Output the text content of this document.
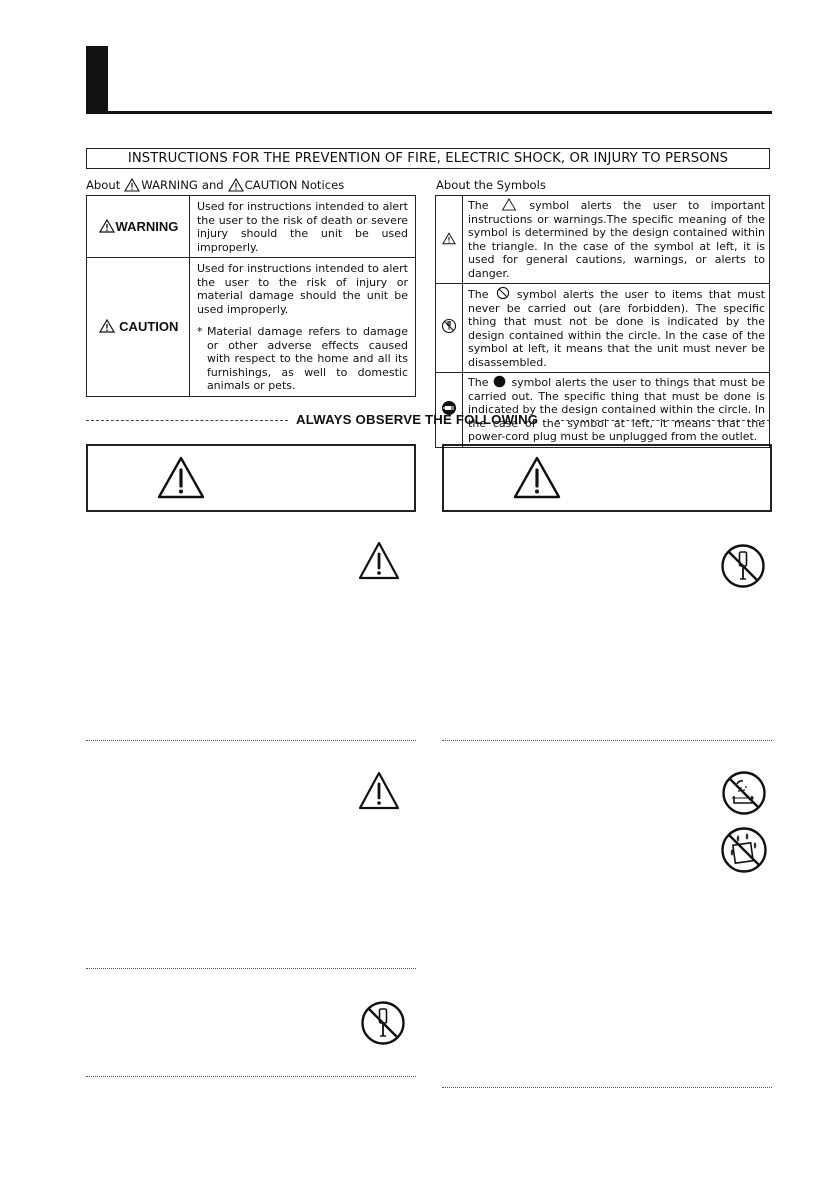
INSTRUCTIONS FOR THE PREVENTION OF FIRE, ELECTRIC SHOCK, OR INJURY TO PERSONS
About WARNING and CAUTION Notices	About the Symbols
WARNING	Used for instructions intended to alert the user to the risk of death or severe injury should the unit be used improperly.
CAUTION	Used for instructions intended to alert the user to the risk of injury or material damage should the unit be used improperly.
* Material damage refers to damage or other adverse effects caused with respect to the home and all its furnishings, as well to domestic animals or pets.
	The symbol alerts the user to important instructions or warnings.The specific meaning of the symbol is determined by the design contained within the triangle. In the case of the symbol at left, it is used for general cautions, warnings, or alerts to danger.
	The symbol alerts the user to items that must never be carried out (are forbidden). The specific thing that must not be done is indicated by the design contained within the circle. In the case of the symbol at left, it means that the unit must never be disassembled.
	The symbol alerts the user to things that must be carried out. The specific thing that must be done is indicated by the design contained within the circle. In the case of the symbol at left, it means that the power-cord plug must be unplugged from the outlet.
ALWAYS OBSERVE THE FOLLOWING
